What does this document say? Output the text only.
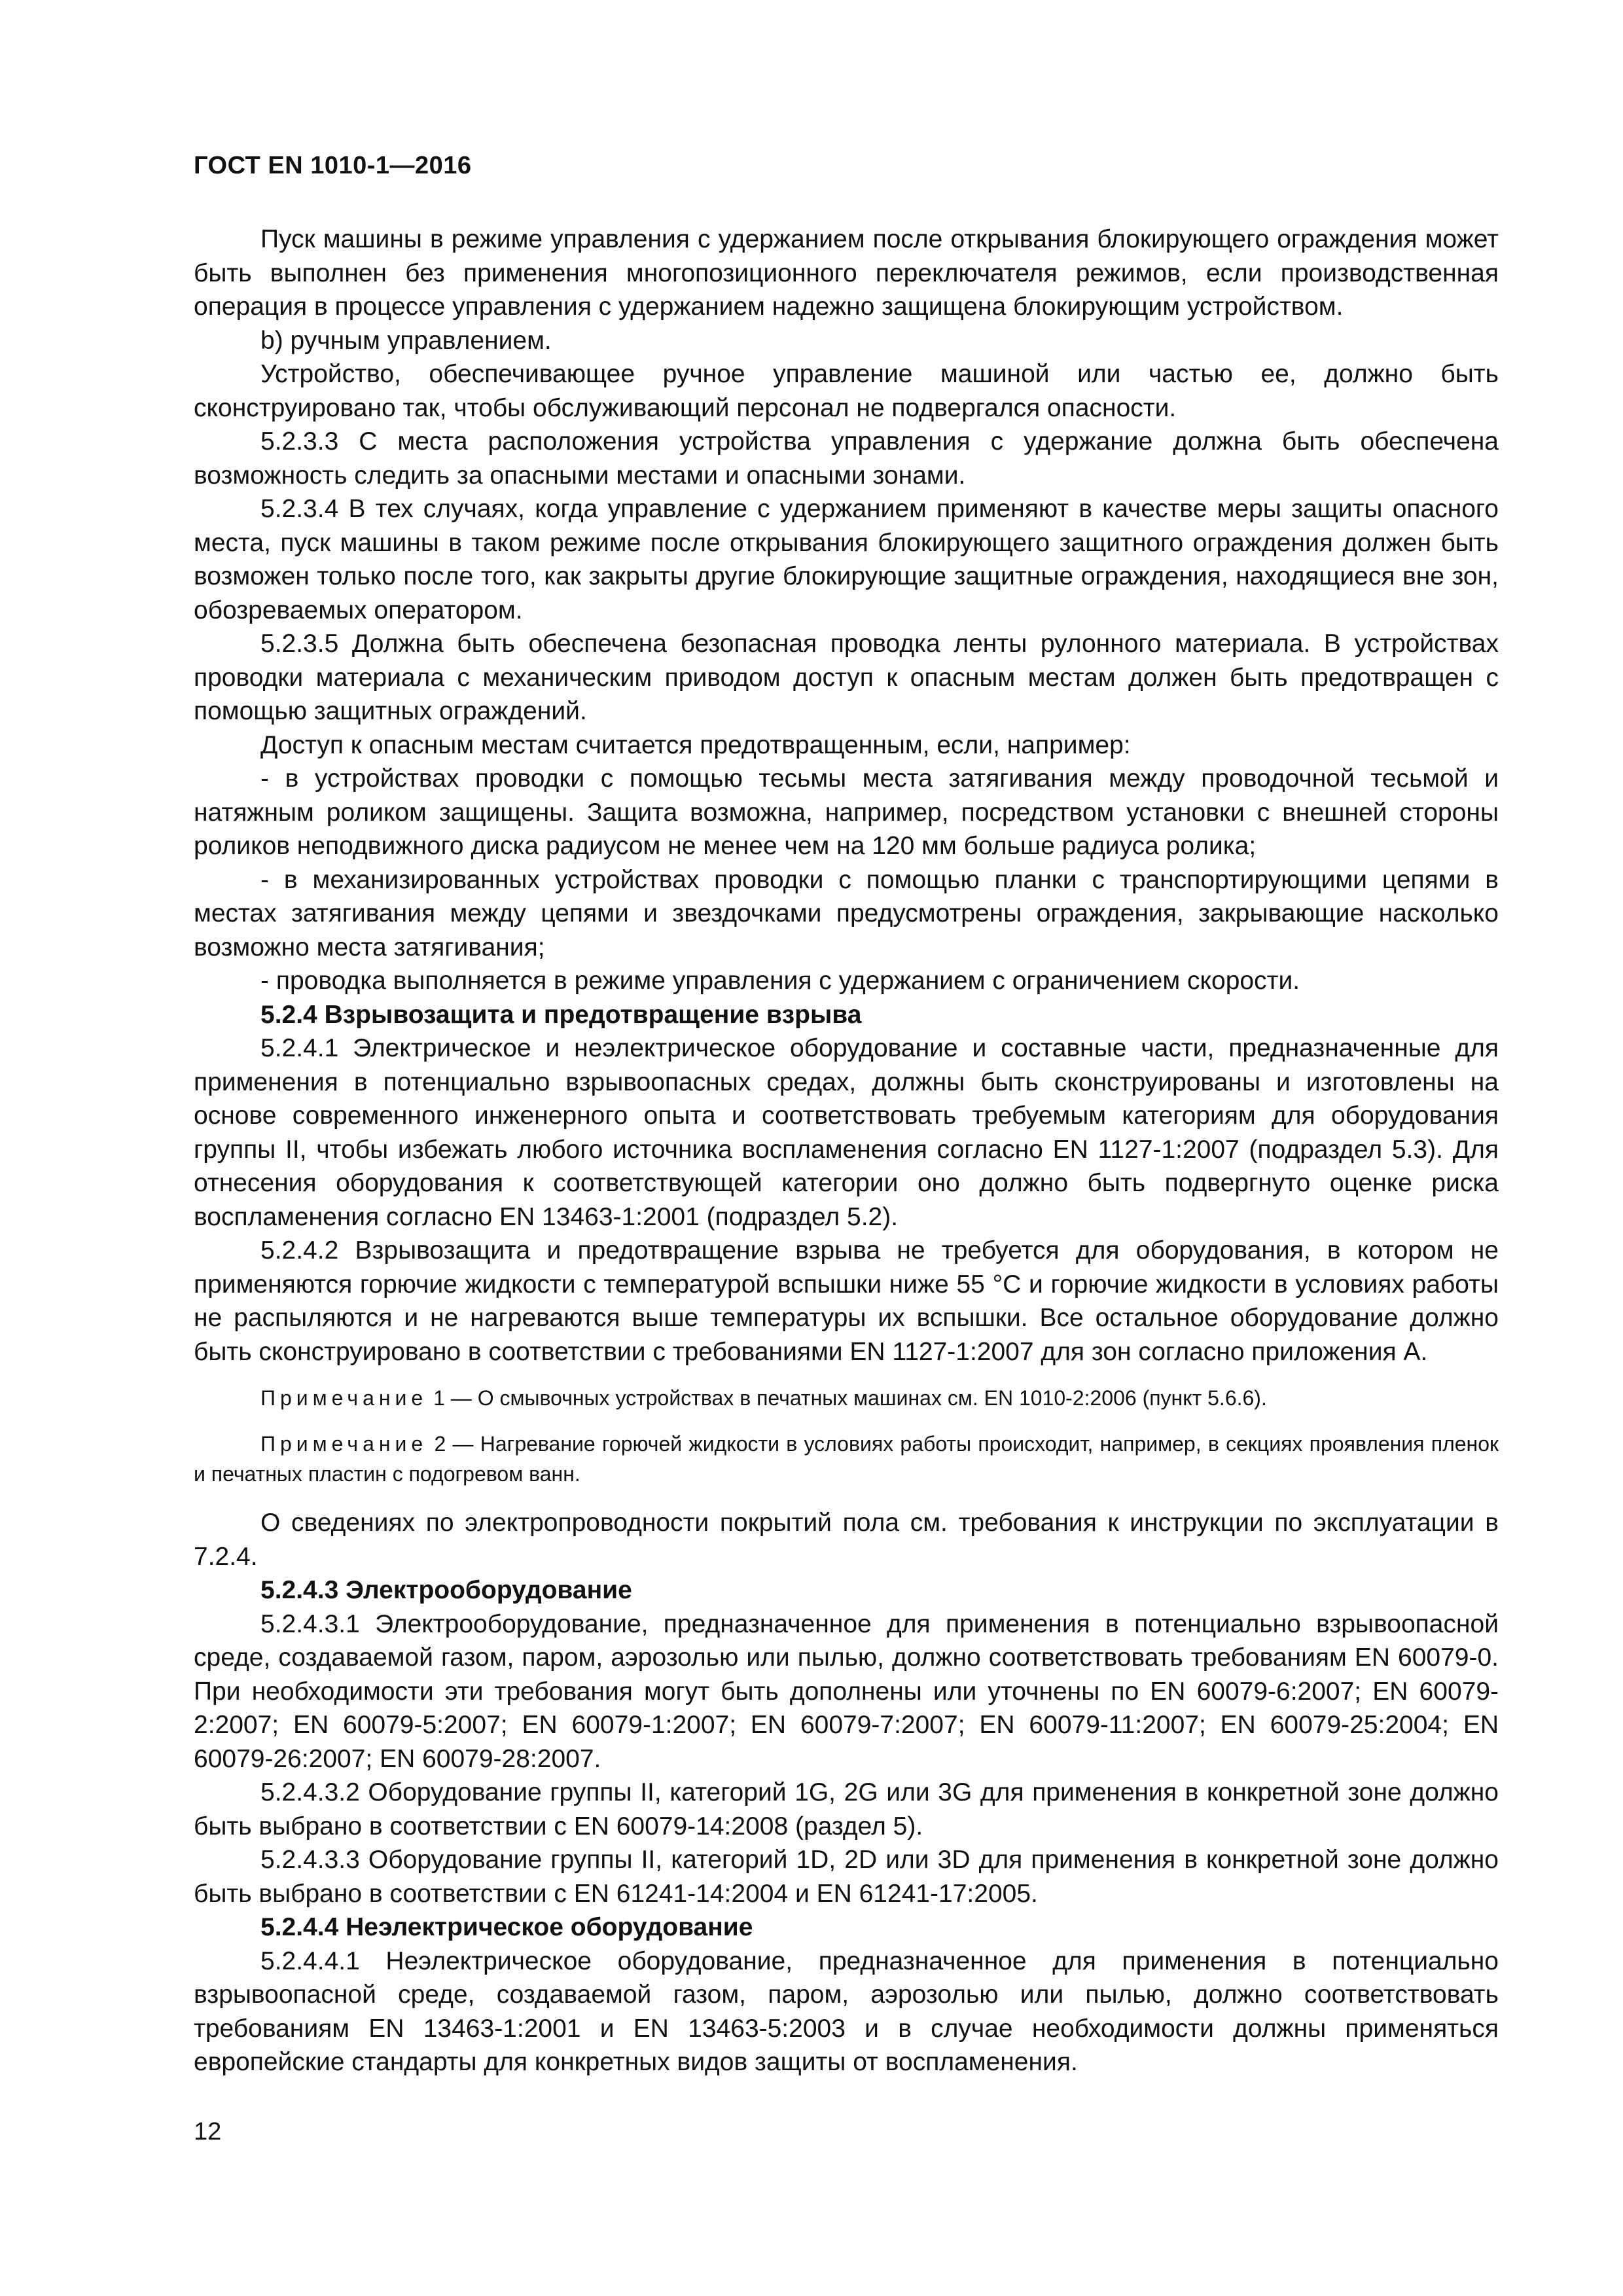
ГОСТ EN 1010-1—2016

Пуск машины в режиме управления с удержанием после открывания блокирующего ограждения может быть выполнен без применения многопозиционного переключателя режимов, если производственная операция в процессе управления с удержанием надежно защищена блокирующим устройством.

b) ручным управлением.

Устройство, обеспечивающее ручное управление машиной или частью ее, должно быть сконструировано так, чтобы обслуживающий персонал не подвергался опасности.

5.2.3.3 С места расположения устройства управления с удержание должна быть обеспечена возможность следить за опасными местами и опасными зонами.

5.2.3.4 В тех случаях, когда управление с удержанием применяют в качестве меры защиты опасного места, пуск машины в таком режиме после открывания блокирующего защитного ограждения должен быть возможен только после того, как закрыты другие блокирующие защитные ограждения, находящиеся вне зон, обозреваемых оператором.

5.2.3.5 Должна быть обеспечена безопасная проводка ленты рулонного материала. В устройствах проводки материала с механическим приводом доступ к опасным местам должен быть предотвращен с помощью защитных ограждений.

Доступ к опасным местам считается предотвращенным, если, например:

- в устройствах проводки с помощью тесьмы места затягивания между проводочной тесьмой и натяжным роликом защищены. Защита возможна, например, посредством установки с внешней стороны роликов неподвижного диска радиусом не менее чем на 120 мм больше радиуса ролика;

- в механизированных устройствах проводки с помощью планки с транспортирующими цепями в местах затягивания между цепями и звездочками предусмотрены ограждения, закрывающие насколько возможно места затягивания;

- проводка выполняется в режиме управления с удержанием с ограничением скорости.

5.2.4 Взрывозащита и предотвращение взрыва

5.2.4.1 Электрическое и неэлектрическое оборудование и составные части, предназначенные для применения в потенциально взрывоопасных средах, должны быть сконструированы и изготовлены на основе современного инженерного опыта и соответствовать требуемым категориям для оборудования группы II, чтобы избежать любого источника воспламенения согласно EN 1127-1:2007 (подраздел 5.3). Для отнесения оборудования к соответствующей категории оно должно быть подвергнуто оценке риска воспламенения согласно EN 13463-1:2001 (подраздел 5.2).

5.2.4.2 Взрывозащита и предотвращение взрыва не требуется для оборудования, в котором не применяются горючие жидкости с температурой вспышки ниже 55 °C и горючие жидкости в условиях работы не распыляются и не нагреваются выше температуры их вспышки. Все остальное оборудование должно быть сконструировано в соответствии с требованиями EN 1127-1:2007 для зон согласно приложения А.

Примечание 1 — О смывочных устройствах в печатных машинах см. EN 1010-2:2006 (пункт 5.6.6).

Примечание 2 — Нагревание горючей жидкости в условиях работы происходит, например, в секциях проявления пленок и печатных пластин с подогревом ванн.

О сведениях по электропроводности покрытий пола см. требования к инструкции по эксплуатации в 7.2.4.

5.2.4.3 Электрооборудование

5.2.4.3.1 Электрооборудование, предназначенное для применения в потенциально взрывоопасной среде, создаваемой газом, паром, аэрозолью или пылью, должно соответствовать требованиям EN 60079-0. При необходимости эти требования могут быть дополнены или уточнены по EN 60079-6:2007; EN 60079-2:2007; EN 60079-5:2007; EN 60079-1:2007; EN 60079-7:2007; EN 60079-11:2007; EN 60079-25:2004; EN 60079-26:2007; EN 60079-28:2007.

5.2.4.3.2 Оборудование группы II, категорий 1G, 2G или 3G для применения в конкретной зоне должно быть выбрано в соответствии с EN 60079-14:2008 (раздел 5).

5.2.4.3.3 Оборудование группы II, категорий 1D, 2D или 3D для применения в конкретной зоне должно быть выбрано в соответствии с EN 61241-14:2004 и EN 61241-17:2005.

5.2.4.4 Неэлектрическое оборудование

5.2.4.4.1 Неэлектрическое оборудование, предназначенное для применения в потенциально взрывоопасной среде, создаваемой газом, паром, аэрозолью или пылью, должно соответствовать требованиям EN 13463-1:2001 и EN 13463-5:2003 и в случае необходимости должны применяться европейские стандарты для конкретных видов защиты от воспламенения.

12
